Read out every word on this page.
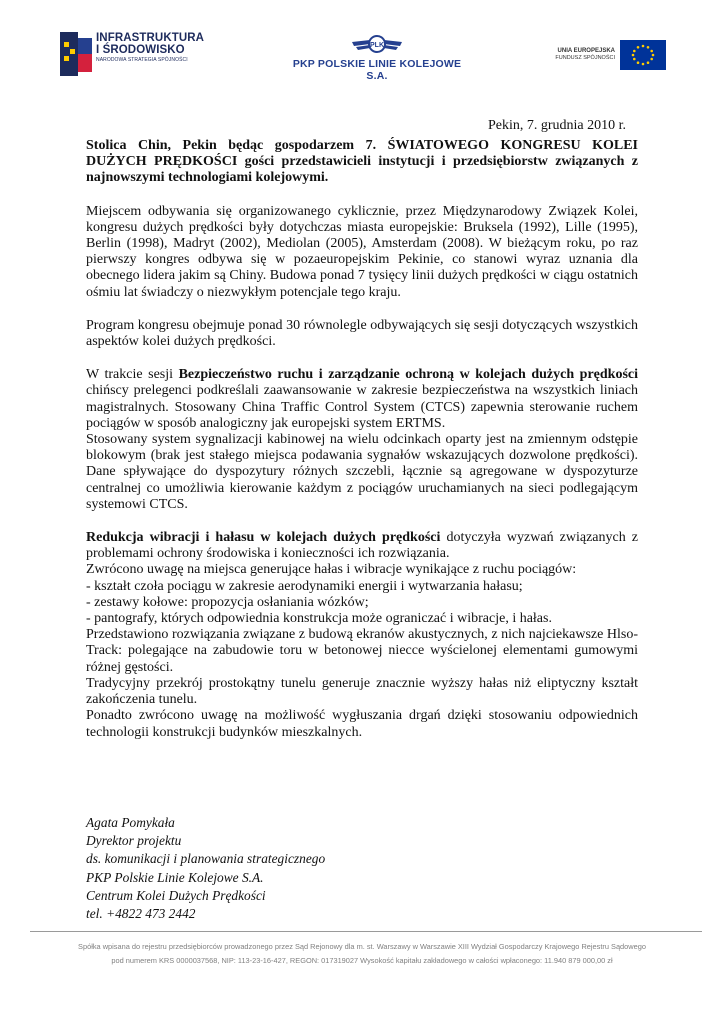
INFRASTRUKTURA
I ŚRODOWISKO
NARODOWA STRATEGIA SPÓJNOŚCI
PLK
PKP POLSKIE LINIE KOLEJOWE S.A.
UNIA EUROPEJSKA
FUNDUSZ SPÓJNOŚCI
Pekin, 7. grudnia 2010 r.

Stolica Chin, Pekin będąc gospodarzem 7. ŚWIATOWEGO KONGRESU KOLEI DUŻYCH PRĘDKOŚCI gości przedstawicieli instytucji i przedsiębiorstw związanych z najnowszymi technologiami kolejowymi.

Miejscem odbywania się organizowanego cyklicznie, przez Międzynarodowy Związek Kolei, kongresu dużych prędkości były dotychczas miasta europejskie: Bruksela (1992), Lille (1995), Berlin (1998), Madryt (2002), Mediolan (2005), Amsterdam (2008). W bieżącym roku, po raz pierwszy kongres odbywa się w pozaeuropejskim Pekinie, co stanowi wyraz uznania dla obecnego lidera jakim są Chiny. Budowa ponad 7 tysięcy linii dużych prędkości w ciągu ostatnich ośmiu lat świadczy o niezwykłym potencjale tego kraju.

Program kongresu obejmuje ponad 30 równolegle odbywających się sesji dotyczących wszystkich aspektów kolei dużych prędkości.

W trakcie sesji Bezpieczeństwo ruchu i zarządzanie ochroną w kolejach dużych prędkości chińscy prelegenci podkreślali zaawansowanie w zakresie bezpieczeństwa na wszystkich liniach magistralnych. Stosowany China Traffic Control System (CTCS) zapewnia sterowanie ruchem pociągów w sposób analogiczny jak europejski system ERTMS.

Stosowany system sygnalizacji kabinowej na wielu odcinkach oparty jest na zmiennym odstępie blokowym (brak jest stałego miejsca podawania sygnałów wskazujących dozwolone prędkości). Dane spływające do dyspozytury różnych szczebli, łącznie są agregowane w dyspozyturze centralnej co umożliwia kierowanie każdym z pociągów uruchamianych na sieci podlegającym systemowi CTCS.

Redukcja wibracji i hałasu w kolejach dużych prędkości dotyczyła wyzwań związanych z problemami ochrony środowiska i konieczności ich rozwiązania.

Zwrócono uwagę na miejsca generujące hałas i wibracje wynikające z ruchu pociągów:

- kształt czoła pociągu w zakresie aerodynamiki energii i wytwarzania hałasu;

- zestawy kołowe: propozycja osłaniania wózków;

- pantografy, których odpowiednia konstrukcja może ograniczać i wibracje, i hałas.

Przedstawiono rozwiązania związane z budową ekranów akustycznych, z nich najciekawsze Hlso-Track: polegające na zabudowie toru w betonowej niecce wyścielonej elementami gumowymi różnej gęstości.

Tradycyjny przekrój prostokątny tunelu generuje znacznie wyższy hałas niż eliptyczny kształt zakończenia tunelu.

Ponadto zwrócono uwagę na możliwość wygłuszania drgań dzięki stosowaniu odpowiednich technologii konstrukcji budynków mieszkalnych.

Agata Pomykała
Dyrektor projektu
ds. komunikacji i planowania strategicznego
PKP Polskie Linie Kolejowe S.A.
Centrum Kolei Dużych Prędkości
tel. +4822 473 2442
Spółka wpisana do rejestru przedsiębiorców prowadzonego przez Sąd Rejonowy dla m. st. Warszawy w Warszawie XIII Wydział Gospodarczy Krajowego Rejestru Sądowego
pod numerem KRS 0000037568, NIP: 113-23-16-427, REGON: 017319027 Wysokość kapitału zakładowego w całości wpłaconego: 11.940 879 000,00 zł
